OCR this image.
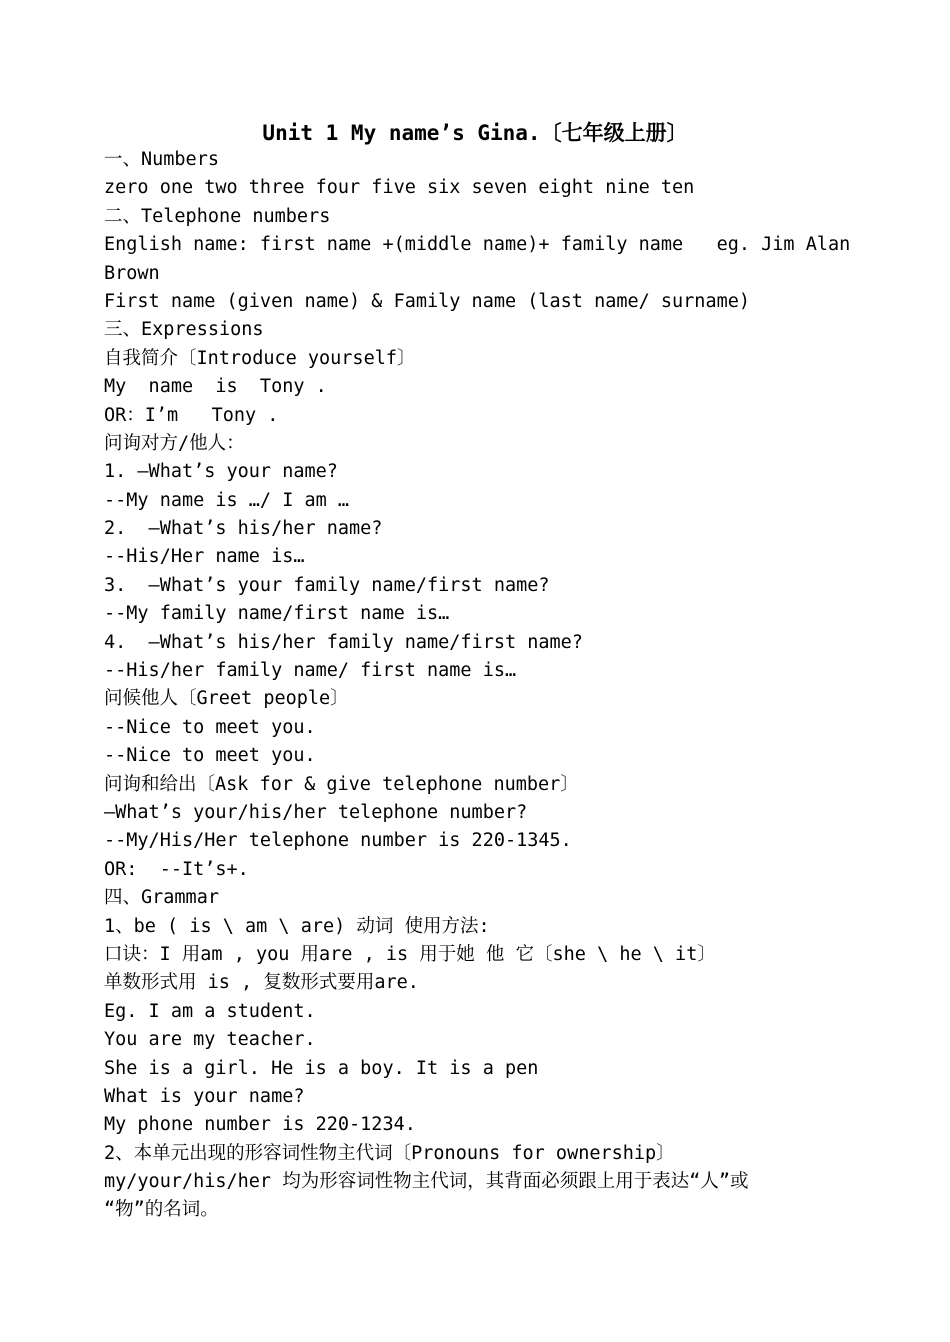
Unit 1 My name’s Gina.〔七年级上册〕
一、Numbers
zero one two three four five six seven eight nine ten
二、Telephone numbers
English name: first name +(middle name)+ family name   eg. Jim Alan
Brown
First name (given name) & Family name (last name/ surname)
三、Expressions
自我简介〔Introduce yourself〕
My  name  is  Tony .
OR：I’m   Tony .
问询对方/他人：
1. –What’s your name?
--My name is …/ I am …
2.  –What’s his/her name?
--His/Her name is…
3.  –What’s your family name/first name?
--My family name/first name is…
4.  –What’s his/her family name/first name?
--His/her family name/ first name is…
问候他人〔Greet people〕
--Nice to meet you.
--Nice to meet you.
问询和给出〔Ask for & give telephone number〕
–What’s your/his/her telephone number?
--My/His/Her telephone number is 220-1345.
OR:  --It’s+.
四、Grammar
1、be ( is \ am \ are) 动词 使用方法:
口诀：I 用am , you 用are , is 用于她 他 它〔she \ he \ it〕
单数形式用 is , 复数形式要用are.
Eg. I am a student.
You are my teacher.
She is a girl. He is a boy. It is a pen
What is your name?
My phone number is 220-1234.
2、本单元出现的形容词性物主代词〔Pronouns for ownership〕
my/your/his/her 均为形容词性物主代词，其背面必须跟上用于表达“人”或
“物”的名词。
